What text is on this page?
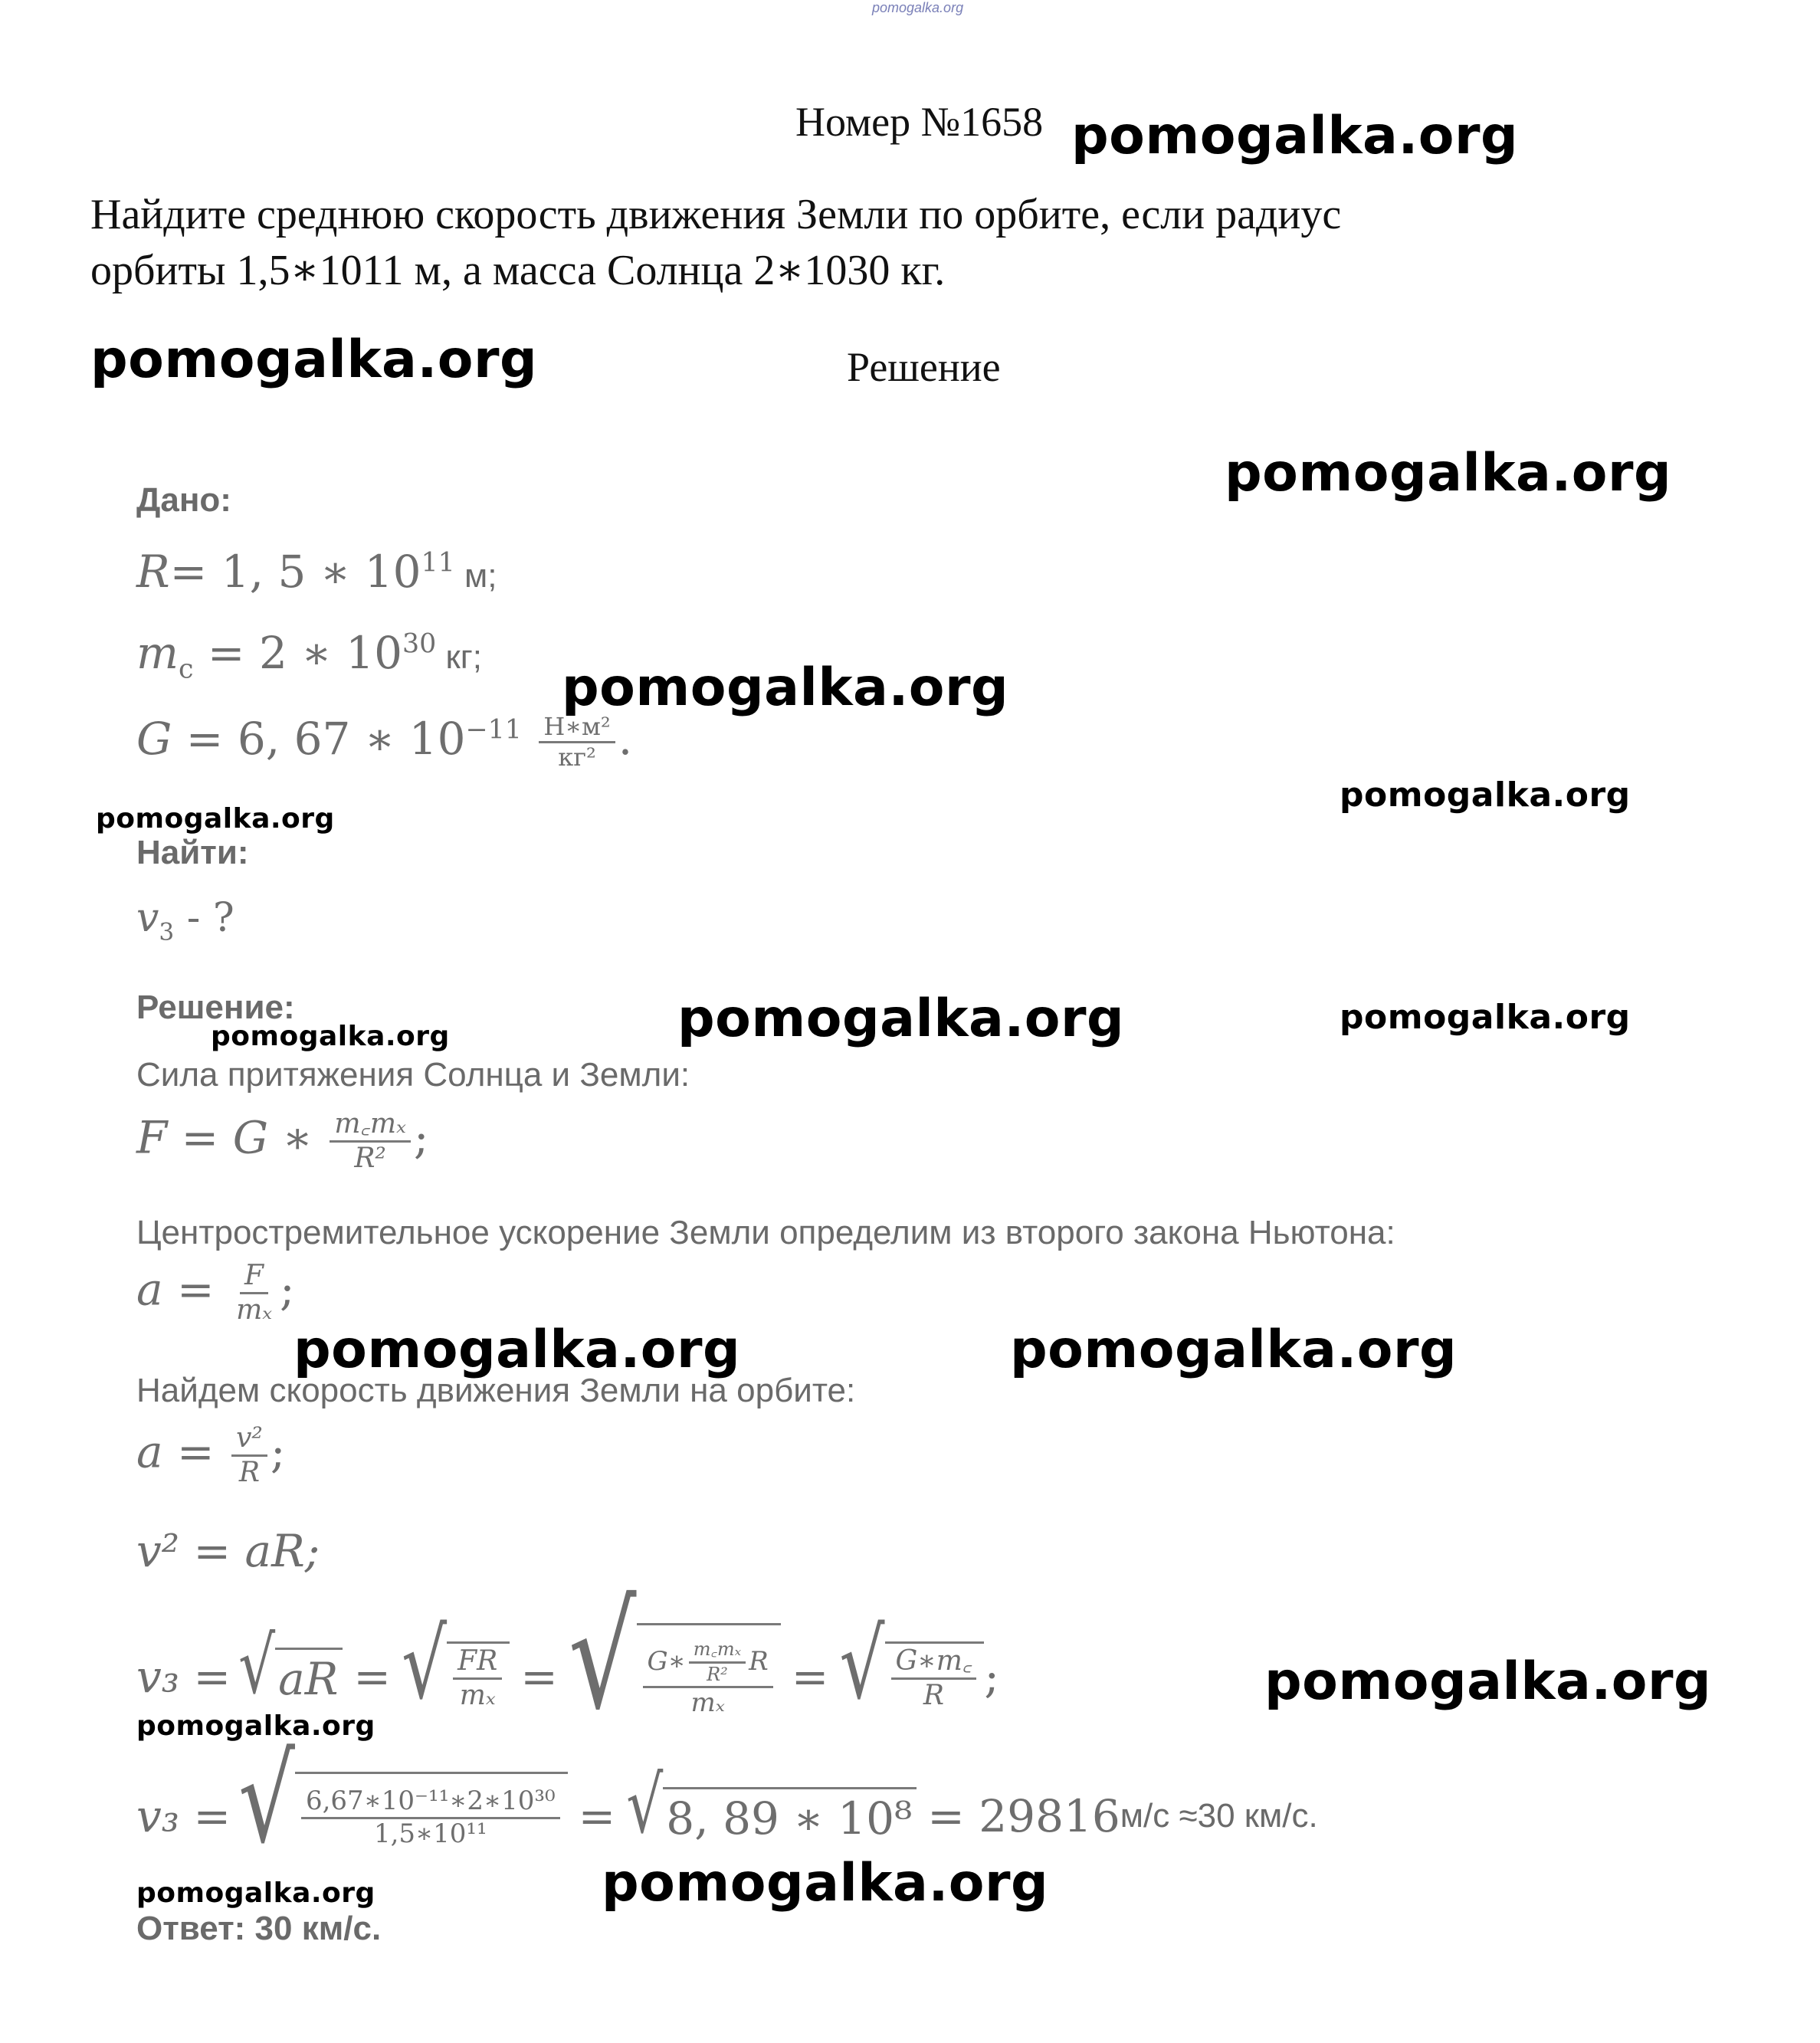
pomogalka.org
Номер №1658
Найдите среднюю скорость движения Земли по орбите, если радиус
орбиты 1,5∗1011 м, а масса Солнца 2∗1030 кг.
Решение
Дано:
R= 1, 5 ∗ $10^{11}$ м;
$m_c = 2$ ∗ $10^{30}$ кг;
G = 6, 67 ∗ $10^{-11} \frac{\text{Н∗м²}}{\text{кг²}}$ .
Найти:
$v_3$ - ?
Решение:
Сила притяжения Солнца и Земли:
F = G ∗ $\frac{\text{m꜀mₓ}}{\text{R²}}$ ;
Центростремительное ускорение Земли определим из второго закона Ньютона:
$a = \frac{F}{\text{mₓ}}$ ;
Найдем скорость движения Земли на орбите:
$a = \frac{\text{v²}}{R}$ ;
v² = aR;
v₃ = √ aR = √ $\frac{FR}{\text{mₓ}}$ = √ G∗ $\frac{\text{m꜀mₓ}}{\text{R²}}$ R
mₓ = √ $\frac{G∗m꜀}{R}$ ;
v₃ = √ $\frac{\text{6,67∗10⁻¹¹∗2∗10³⁰}}{\text{1,5∗10¹¹}}$ = √ 8, 89 ∗ 10⁸ = 29816 м/с ≈30 км/с.
Ответ: 30 км/с.
pomogalka.org
pomogalka.org
pomogalka.org
pomogalka.org
pomogalka.org
pomogalka.org
pomogalka.org	pomogalka.org
pomogalka.org
pomogalka.org	pomogalka.org
pomogalka.org
pomogalka.org
pomogalka.org	pomogalka.org
